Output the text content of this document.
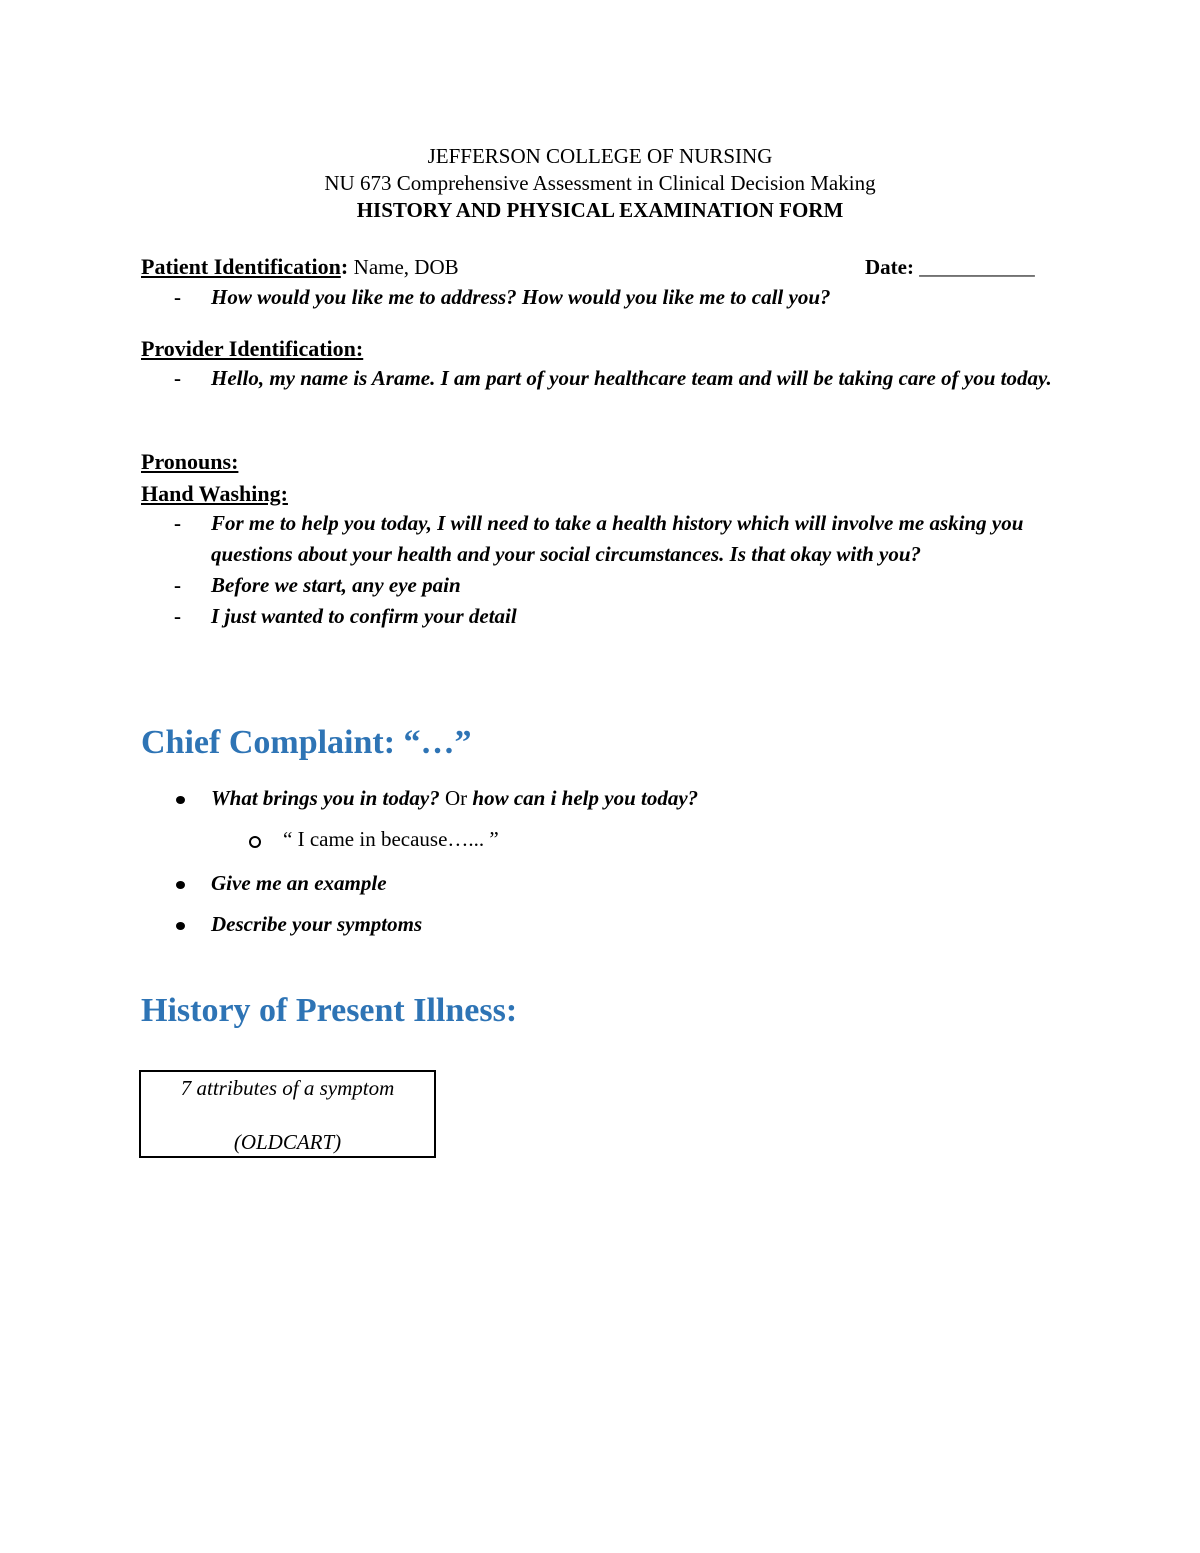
JEFFERSON COLLEGE OF NURSING
NU 673 Comprehensive Assessment in Clinical Decision Making
HISTORY AND PHYSICAL EXAMINATION FORM
Patient Identification: Name, DOB	Date: ___________
- How would you like me to address? How would you like me to call you?
Provider Identification:
- Hello, my name is Arame. I am part of your healthcare team and will be taking care of you today.
Pronouns:
Hand Washing:
- For me to help you today, I will need to take a health history which will involve me asking you questions about your health and your social circumstances. Is that okay with you?
- Before we start, any eye pain
- I just wanted to confirm your detail
Chief Complaint: “…”
What brings you in today? Or how can i help you today?
“ I came in because…... ”
Give me an example
Describe your symptoms
History of Present Illness:
7 attributes of a symptom
(OLDCART)
